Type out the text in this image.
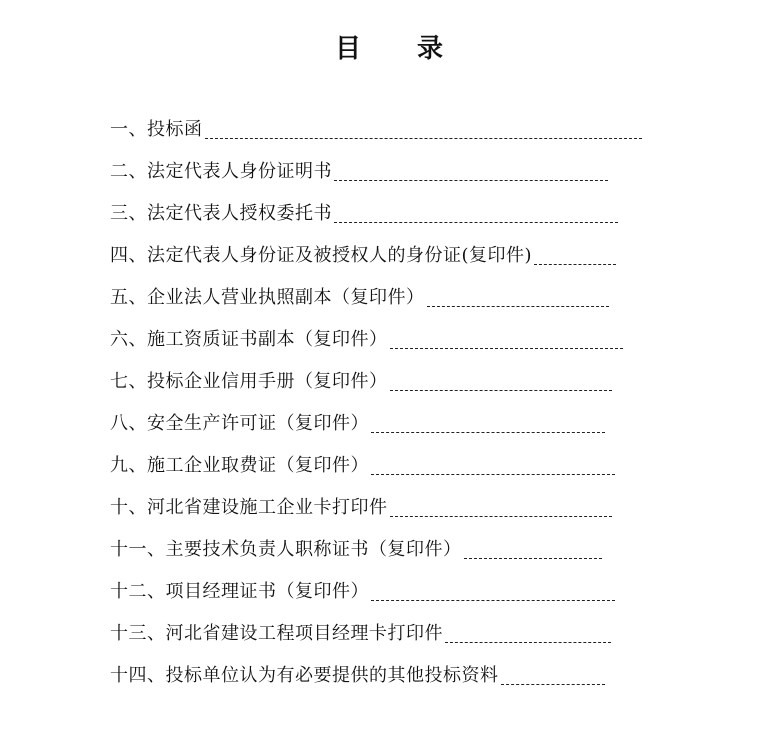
目 录
一、投标函
二、法定代表人身份证明书
三、法定代表人授权委托书
四、法定代表人身份证及被授权人的身份证(复印件)
五、企业法人营业执照副本（复印件）
六、施工资质证书副本（复印件）
七、投标企业信用手册（复印件）
八、安全生产许可证（复印件）
九、施工企业取费证（复印件）
十、河北省建设施工企业卡打印件
十一、主要技术负责人职称证书（复印件）
十二、项目经理证书（复印件）
十三、河北省建设工程项目经理卡打印件
十四、投标单位认为有必要提供的其他投标资料
